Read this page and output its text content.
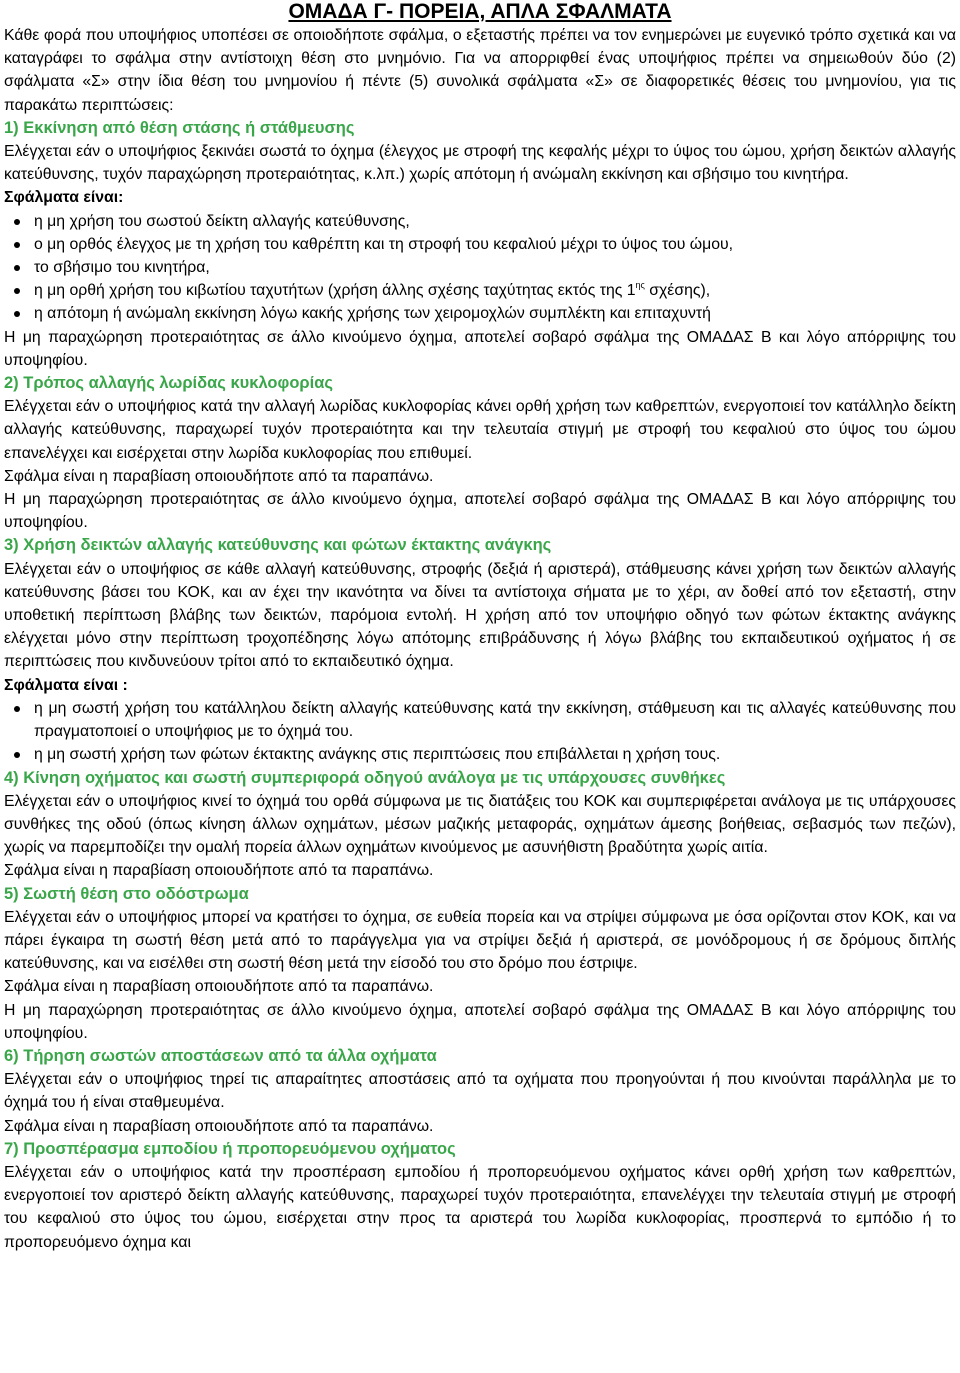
ΟΜΑΔΑ Γ- ΠΟΡΕΙΑ, ΑΠΛΑ ΣΦΑΛΜΑΤΑ

Κάθε φορά που υποψήφιος υποπέσει σε οποιοδήποτε σφάλμα, ο εξεταστής πρέπει να τον ενημερώνει με ευγενικό τρόπο σχετικά και να καταγράφει το σφάλμα στην αντίστοιχη θέση στο μνημόνιο. Για να απορριφθεί ένας υποψήφιος πρέπει να σημειωθούν δύο (2) σφάλματα «Σ» στην ίδια θέση του μνημονίου ή πέντε (5) συνολικά σφάλματα «Σ» σε διαφορετικές θέσεις του μνημονίου, για τις παρακάτω περιπτώσεις:

1) Εκκίνηση από θέση στάσης ή στάθμευσης

Ελέγχεται εάν ο υποψήφιος ξεκινάει σωστά το όχημα (έλεγχος με στροφή της κεφαλής μέχρι το ύψος του ώμου, χρήση δεικτών αλλαγής κατεύθυνσης, τυχόν παραχώρηση προτεραιότητας, κ.λπ.) χωρίς απότομη ή ανώμαλη εκκίνηση και σβήσιμο του κινητήρα.

Σφάλματα είναι:

η μη χρήση του σωστού δείκτη αλλαγής κατεύθυνσης,
ο μη ορθός έλεγχος με τη χρήση του καθρέπτη και τη στροφή του κεφαλιού μέχρι το ύψος του ώμου,
το σβήσιμο του κινητήρα,
η μη ορθή χρήση του κιβωτίου ταχυτήτων (χρήση άλλης σχέσης ταχύτητας εκτός της $1^{\eta\varsigma}$ σχέσης),
η απότομη ή ανώμαλη εκκίνηση λόγω κακής χρήσης των χειρομοχλών συμπλέκτη και επιταχυντή

Η μη παραχώρηση προτεραιότητας σε άλλο κινούμενο όχημα, αποτελεί σοβαρό σφάλμα της ΟΜΑΔΑΣ Β και λόγο απόρριψης του υποψηφίου.

2) Τρόπος αλλαγής λωρίδας κυκλοφορίας

Ελέγχεται εάν ο υποψήφιος κατά την αλλαγή λωρίδας κυκλοφορίας κάνει ορθή χρήση των καθρεπτών, ενεργοποιεί τον κατάλληλο δείκτη αλλαγής κατεύθυνσης, παραχωρεί τυχόν προτεραιότητα και την τελευταία στιγμή με στροφή του κεφαλιού στο ύψος του ώμου επανελέγχει και εισέρχεται στην λωρίδα κυκλοφορίας που επιθυμεί.

Σφάλμα είναι η παραβίαση οποιουδήποτε από τα παραπάνω.

Η μη παραχώρηση προτεραιότητας σε άλλο κινούμενο όχημα, αποτελεί σοβαρό σφάλμα της ΟΜΑΔΑΣ Β και λόγο απόρριψης του υποψηφίου.

3) Χρήση δεικτών αλλαγής κατεύθυνσης και φώτων έκτακτης ανάγκης

Ελέγχεται εάν ο υποψήφιος σε κάθε αλλαγή κατεύθυνσης, στροφής (δεξιά ή αριστερά), στάθμευσης κάνει χρήση των δεικτών αλλαγής κατεύθυνσης βάσει του ΚΟΚ, και αν έχει την ικανότητα να δίνει τα αντίστοιχα σήματα με το χέρι, αν δοθεί από τον εξεταστή, στην υποθετική περίπτωση βλάβης των δεικτών, παρόμοια εντολή. Η χρήση από τον υποψήφιο οδηγό των φώτων έκτακτης ανάγκης ελέγχεται μόνο στην περίπτωση τροχοπέδησης λόγω απότομης επιβράδυνσης ή λόγω βλάβης του εκπαιδευτικού οχήματος ή σε περιπτώσεις που κινδυνεύουν τρίτοι από το εκπαιδευτικό όχημα.

Σφάλματα είναι :

η μη σωστή χρήση του κατάλληλου δείκτη αλλαγής κατεύθυνσης κατά την εκκίνηση, στάθμευση και τις αλλαγές κατεύθυνσης που πραγματοποιεί ο υποψήφιος με το όχημά του.
η μη σωστή χρήση των φώτων έκτακτης ανάγκης στις περιπτώσεις που επιβάλλεται η χρήση τους.

4) Κίνηση οχήματος και σωστή συμπεριφορά οδηγού ανάλογα με τις υπάρχουσες συνθήκες

Ελέγχεται εάν ο υποψήφιος κινεί το όχημά του ορθά σύμφωνα με τις διατάξεις του ΚΟΚ και συμπεριφέρεται ανάλογα με τις υπάρχουσες συνθήκες της οδού (όπως κίνηση άλλων οχημάτων, μέσων μαζικής μεταφοράς, οχημάτων άμεσης βοήθειας, σεβασμός των πεζών), χωρίς να παρεμποδίζει την ομαλή πορεία άλλων οχημάτων κινούμενος με ασυνήθιστη βραδύτητα χωρίς αιτία.

Σφάλμα είναι η παραβίαση οποιουδήποτε από τα παραπάνω.

5) Σωστή θέση στο οδόστρωμα

Ελέγχεται εάν ο υποψήφιος μπορεί να κρατήσει το όχημα, σε ευθεία πορεία και να στρίψει σύμφωνα με όσα ορίζονται στον ΚΟΚ, και να πάρει έγκαιρα τη σωστή θέση μετά από το παράγγελμα για να στρίψει δεξιά ή αριστερά, σε μονόδρομους ή σε δρόμους διπλής κατεύθυνσης, και να εισέλθει στη σωστή θέση μετά την είσοδό του στο δρόμο που έστριψε.

Σφάλμα είναι η παραβίαση οποιουδήποτε από τα παραπάνω.

Η μη παραχώρηση προτεραιότητας σε άλλο κινούμενο όχημα, αποτελεί σοβαρό σφάλμα της ΟΜΑΔΑΣ Β και λόγο απόρριψης του υποψηφίου.

6) Τήρηση σωστών αποστάσεων από τα άλλα οχήματα

Ελέγχεται εάν ο υποψήφιος τηρεί τις απαραίτητες αποστάσεις από τα οχήματα που προηγούνται ή που κινούνται παράλληλα με το όχημά του ή είναι σταθμευμένα.

Σφάλμα είναι η παραβίαση οποιουδήποτε από τα παραπάνω.

7) Προσπέρασμα εμποδίου ή προπορευόμενου οχήματος

Ελέγχεται εάν ο υποψήφιος κατά την προσπέραση εμποδίου ή προπορευόμενου οχήματος κάνει ορθή χρήση των καθρεπτών, ενεργοποιεί τον αριστερό δείκτη αλλαγής κατεύθυνσης, παραχωρεί τυχόν προτεραιότητα, επανελέγχει την τελευταία στιγμή με στροφή του κεφαλιού στο ύψος του ώμου, εισέρχεται στην προς τα αριστερά του λωρίδα κυκλοφορίας, προσπερνά το εμπόδιο ή το προπορευόμενο όχημα και
